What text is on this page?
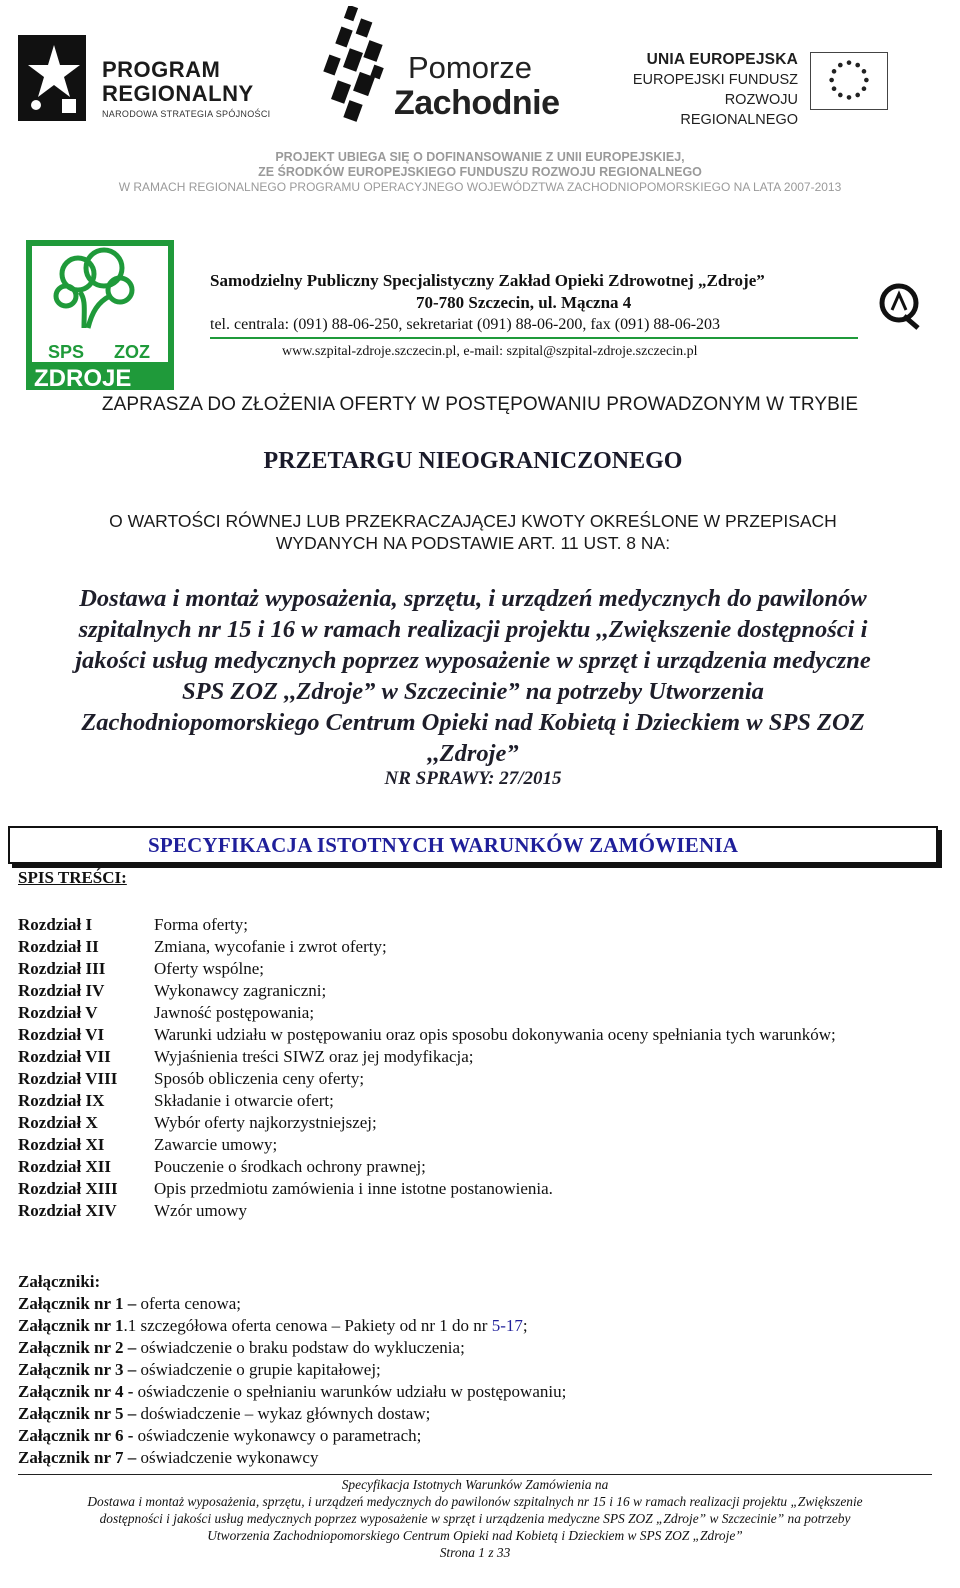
PROGRAM
REGIONALNY
NARODOWA STRATEGIA SPÓJNOŚCI
Pomorze
Zachodnie
UNIA EUROPEJSKA
EUROPEJSKI FUNDUSZ
ROZWOJU REGIONALNEGO
PROJEKT UBIEGA SIĘ O DOFINANSOWANIE Z UNII EUROPEJSKIEJ,
ZE ŚRODKÓW EUROPEJSKIEGO FUNDUSZU ROZWOJU REGIONALNEGO
W RAMACH REGIONALNEGO PROGRAMU OPERACYJNEGO WOJEWÓDZTWA ZACHODNIOPOMORSKIEGO NA LATA 2007-2013
SPS ZOZ
ZDROJE
Samodzielny Publiczny Specjalistyczny Zakład Opieki Zdrowotnej „Zdroje”
70-780 Szczecin, ul. Mączna 4
tel. centrala: (091) 88-06-250, sekretariat (091) 88-06-200, fax (091) 88-06-203
www.szpital-zdroje.szczecin.pl, e-mail: szpital@szpital-zdroje.szczecin.pl
ZAPRASZA DO ZŁOŻENIA OFERTY W POSTĘPOWANIU PROWADZONYM W TRYBIE
PRZETARGU NIEOGRANICZONEGO
O WARTOŚCI RÓWNEJ LUB PRZEKRACZAJĄCEJ KWOTY OKREŚLONE W PRZEPISACH
WYDANYCH NA PODSTAWIE ART. 11 UST. 8 NA:
Dostawa i montaż wyposażenia, sprzętu, i urządzeń medycznych do pawilonów
szpitalnych nr 15 i 16 w ramach realizacji projektu ,,Zwiększenie dostępności i
jakości usług medycznych poprzez wyposażenie w sprzęt i urządzenia medyczne
SPS ZOZ ,,Zdroje” w Szczecinie” na potrzeby Utworzenia
Zachodniopomorskiego Centrum Opieki nad Kobietą i Dzieckiem w SPS ZOZ
,,Zdroje”
NR SPRAWY: 27/2015
SPECYFIKACJA ISTOTNYCH WARUNKÓW ZAMÓWIENIA
SPIS TREŚCI:
Rozdział I	Forma oferty;
Rozdział II	Zmiana, wycofanie i zwrot oferty;
Rozdział III	Oferty wspólne;
Rozdział IV	Wykonawcy zagraniczni;
Rozdział V	Jawność postępowania;
Rozdział VI	Warunki udziału w postępowaniu oraz opis sposobu dokonywania oceny spełniania tych warunków;
Rozdział VII	Wyjaśnienia treści SIWZ oraz jej modyfikacja;
Rozdział VIII	Sposób obliczenia ceny oferty;
Rozdział IX	Składanie i otwarcie ofert;
Rozdział X	Wybór oferty najkorzystniejszej;
Rozdział XI	Zawarcie umowy;
Rozdział XII	Pouczenie o środkach ochrony prawnej;
Rozdział XIII	Opis przedmiotu zamówienia i inne istotne postanowienia.
Rozdział XIV	Wzór umowy
Załączniki:
Załącznik nr 1 – oferta cenowa;
Załącznik nr 1.1 szczegółowa oferta cenowa – Pakiety od nr 1 do nr 5-17;
Załącznik nr 2 – oświadczenie o braku podstaw do wykluczenia;
Załącznik nr 3 – oświadczenie o grupie kapitałowej;
Załącznik nr 4 - oświadczenie o spełnianiu warunków udziału w postępowaniu;
Załącznik nr 5 – doświadczenie – wykaz głównych dostaw;
Załącznik nr 6 - oświadczenie wykonawcy o parametrach;
Załącznik nr 7 – oświadczenie wykonawcy
Specyfikacja Istotnych Warunków Zamówienia na
Dostawa i montaż wyposażenia, sprzętu, i urządzeń medycznych do pawilonów szpitalnych nr 15 i 16 w ramach realizacji projektu „Zwiększenie
dostępności i jakości usług medycznych poprzez wyposażenie w sprzęt i urządzenia medyczne SPS ZOZ „Zdroje” w Szczecinie” na potrzeby
Utworzenia Zachodniopomorskiego Centrum Opieki nad Kobietą i Dzieckiem w SPS ZOZ „Zdroje”
Strona 1 z 33
